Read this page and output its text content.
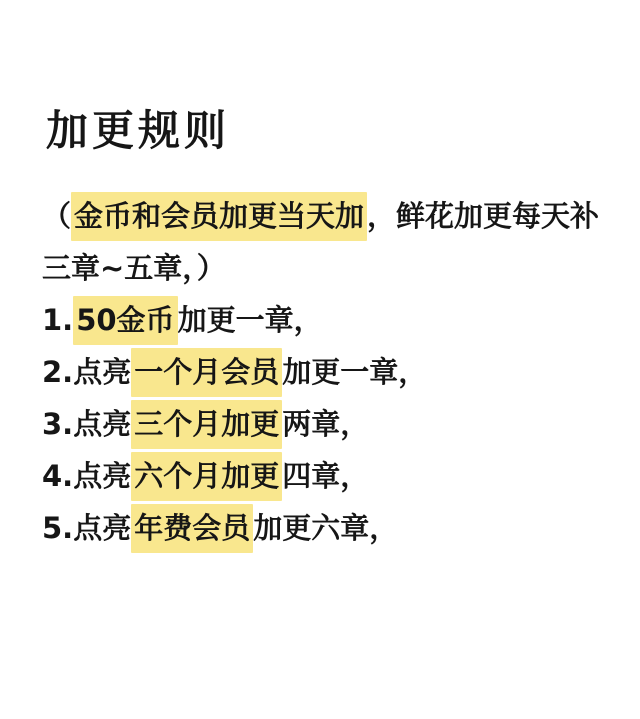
加更规则
（ 金币和会员加更当天加 ，鲜花加更每天补
三章~五章，）
1. 50金币 加更一章，
2.点亮 一个月会员 加更一章，
3.点亮 三个月加更 两章，
4.点亮 六个月加更 四章，
5.点亮 年费会员 加更六章，
